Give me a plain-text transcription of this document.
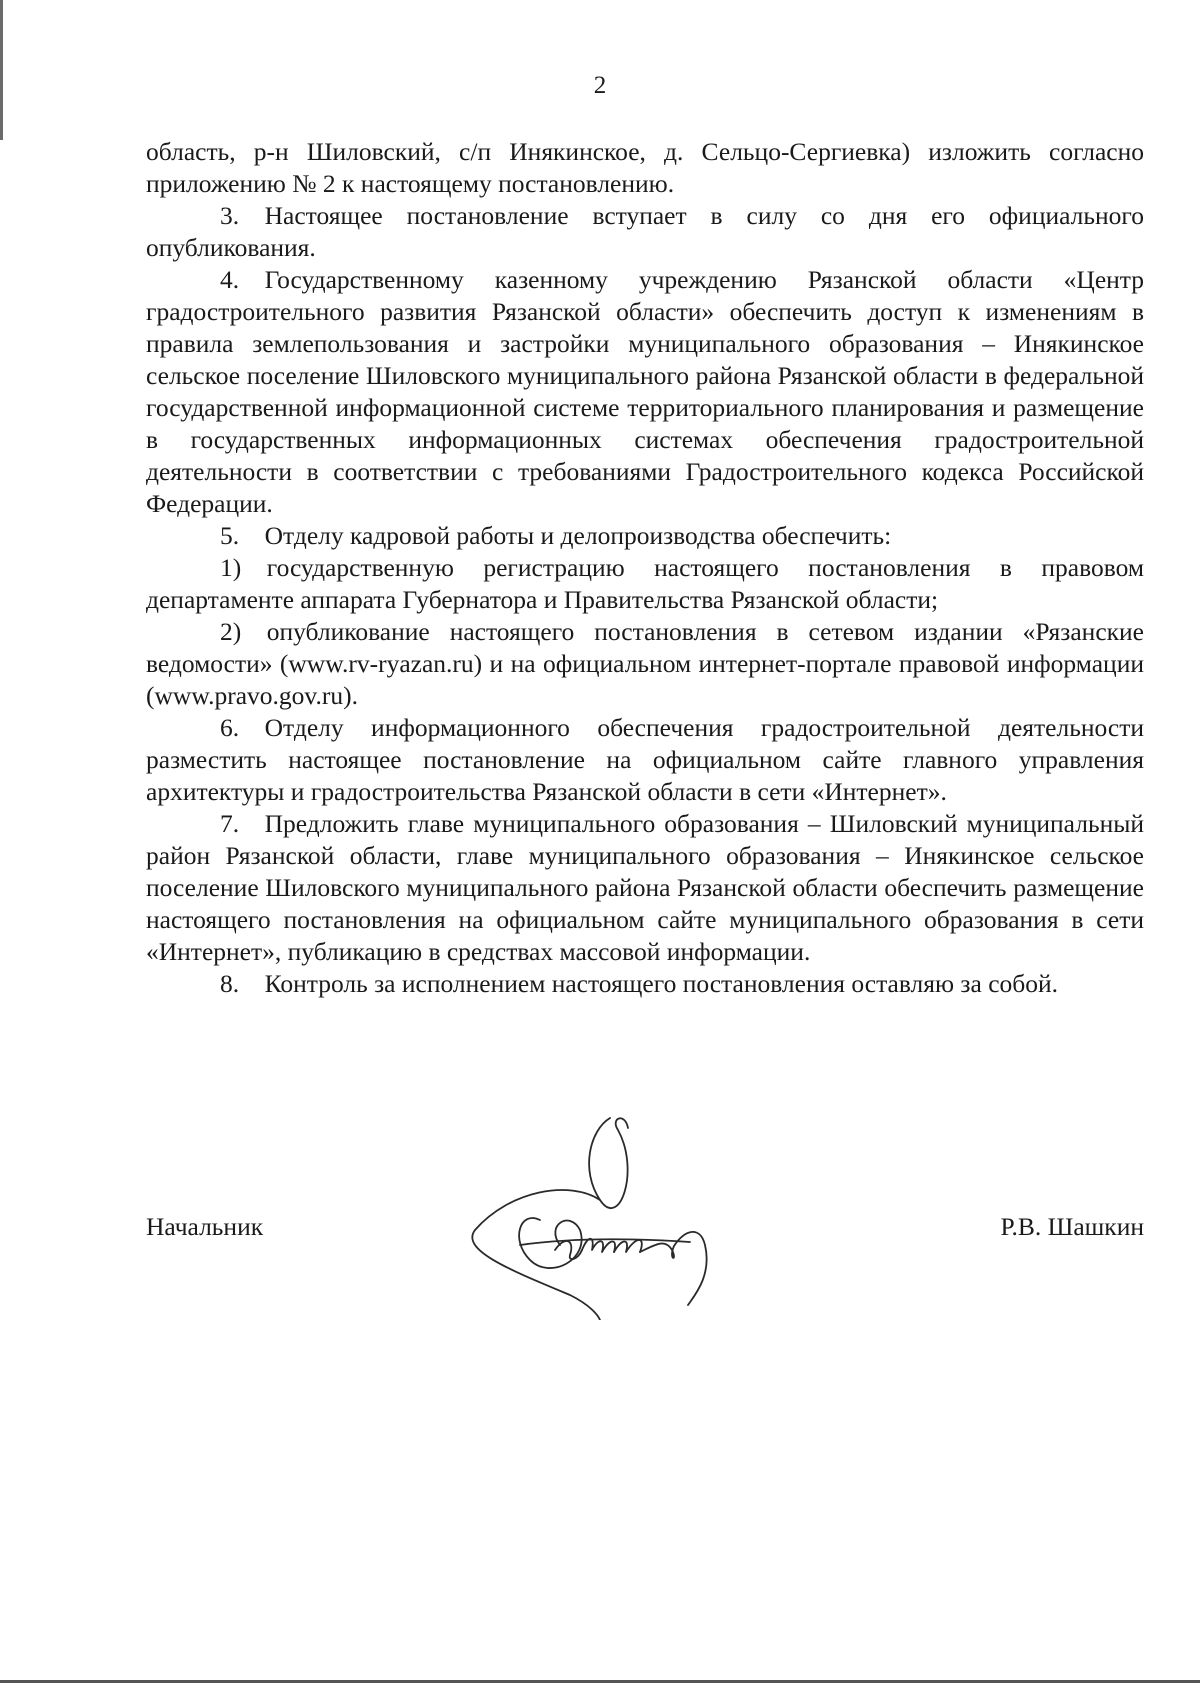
2

область, р-н Шиловский, с/п Инякинское, д. Сельцо-Сергиевка) изложить согласно приложению № 2 к настоящему постановлению.

3. Настоящее постановление вступает в силу со дня его официального опубликования.

4. Государственному казенному учреждению Рязанской области «Центр градостроительного развития Рязанской области» обеспечить доступ к изменениям в правила землепользования и застройки муниципального образования – Инякинское сельское поселение Шиловского муниципального района Рязанской области в федеральной государственной информационной системе территориального планирования и размещение в государственных информационных системах обеспечения градостроительной деятельности в соответствии с требованиями Градостроительного кодекса Российской Федерации.

5. Отделу кадровой работы и делопроизводства обеспечить:

1) государственную регистрацию настоящего постановления в правовом департаменте аппарата Губернатора и Правительства Рязанской области;

2) опубликование настоящего постановления в сетевом издании «Рязанские ведомости» (www.rv-ryazan.ru) и на официальном интернет-портале правовой информации (www.pravo.gov.ru).

6. Отделу информационного обеспечения градостроительной деятельности разместить настоящее постановление на официальном сайте главного управления архитектуры и градостроительства Рязанской области в сети «Интернет».

7. Предложить главе муниципального образования – Шиловский муниципальный район Рязанской области, главе муниципального образования – Инякинское сельское поселение Шиловского муниципального района Рязанской области обеспечить размещение настоящего постановления на официальном сайте муниципального образования в сети «Интернет», публикацию в средствах массовой информации.

8. Контроль за исполнением настоящего постановления оставляю за собой.

Начальник	Р.В. Шашкин
